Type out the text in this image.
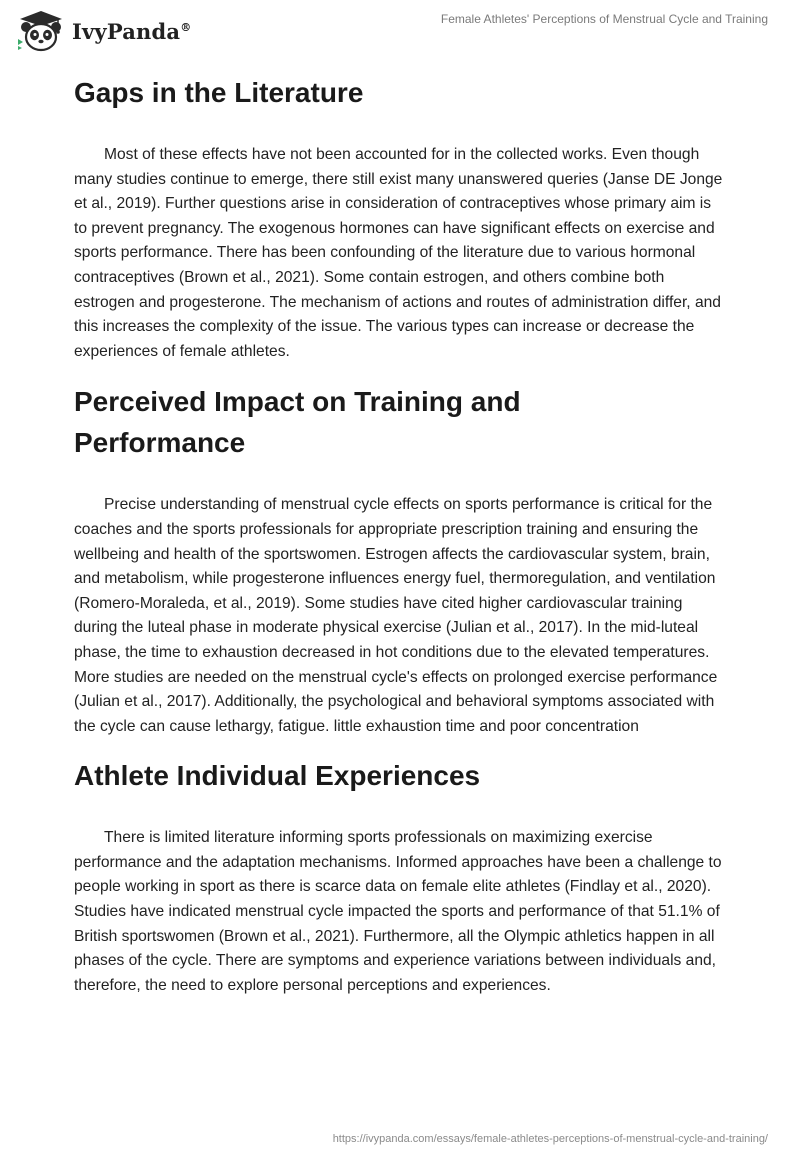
IvyPanda®
Female Athletes' Perceptions of Menstrual Cycle and Training
Gaps in the Literature

Most of these effects have not been accounted for in the collected works. Even though many studies continue to emerge, there still exist many unanswered queries (Janse DE Jonge et al., 2019). Further questions arise in consideration of contraceptives whose primary aim is to prevent pregnancy. The exogenous hormones can have significant effects on exercise and sports performance. There has been confounding of the literature due to various hormonal contraceptives (Brown et al., 2021). Some contain estrogen, and others combine both estrogen and progesterone. The mechanism of actions and routes of administration differ, and this increases the complexity of the issue. The various types can increase or decrease the experiences of female athletes.

Perceived Impact on Training and Performance

Precise understanding of menstrual cycle effects on sports performance is critical for the coaches and the sports professionals for appropriate prescription training and ensuring the wellbeing and health of the sportswomen. Estrogen affects the cardiovascular system, brain, and metabolism, while progesterone influences energy fuel, thermoregulation, and ventilation (Romero-Moraleda, et al., 2019). Some studies have cited higher cardiovascular training during the luteal phase in moderate physical exercise (Julian et al., 2017). In the mid-luteal phase, the time to exhaustion decreased in hot conditions due to the elevated temperatures. More studies are needed on the menstrual cycle's effects on prolonged exercise performance (Julian et al., 2017). Additionally, the psychological and behavioral symptoms associated with the cycle can cause lethargy, fatigue. little exhaustion time and poor concentration

Athlete Individual Experiences

There is limited literature informing sports professionals on maximizing exercise performance and the adaptation mechanisms. Informed approaches have been a challenge to people working in sport as there is scarce data on female elite athletes (Findlay et al., 2020). Studies have indicated menstrual cycle impacted the sports and performance of that 51.1% of British sportswomen (Brown et al., 2021). Furthermore, all the Olympic athletics happen in all phases of the cycle. There are symptoms and experience variations between individuals and, therefore, the need to explore personal perceptions and experiences.

https://ivypanda.com/essays/female-athletes-perceptions-of-menstrual-cycle-and-training/
